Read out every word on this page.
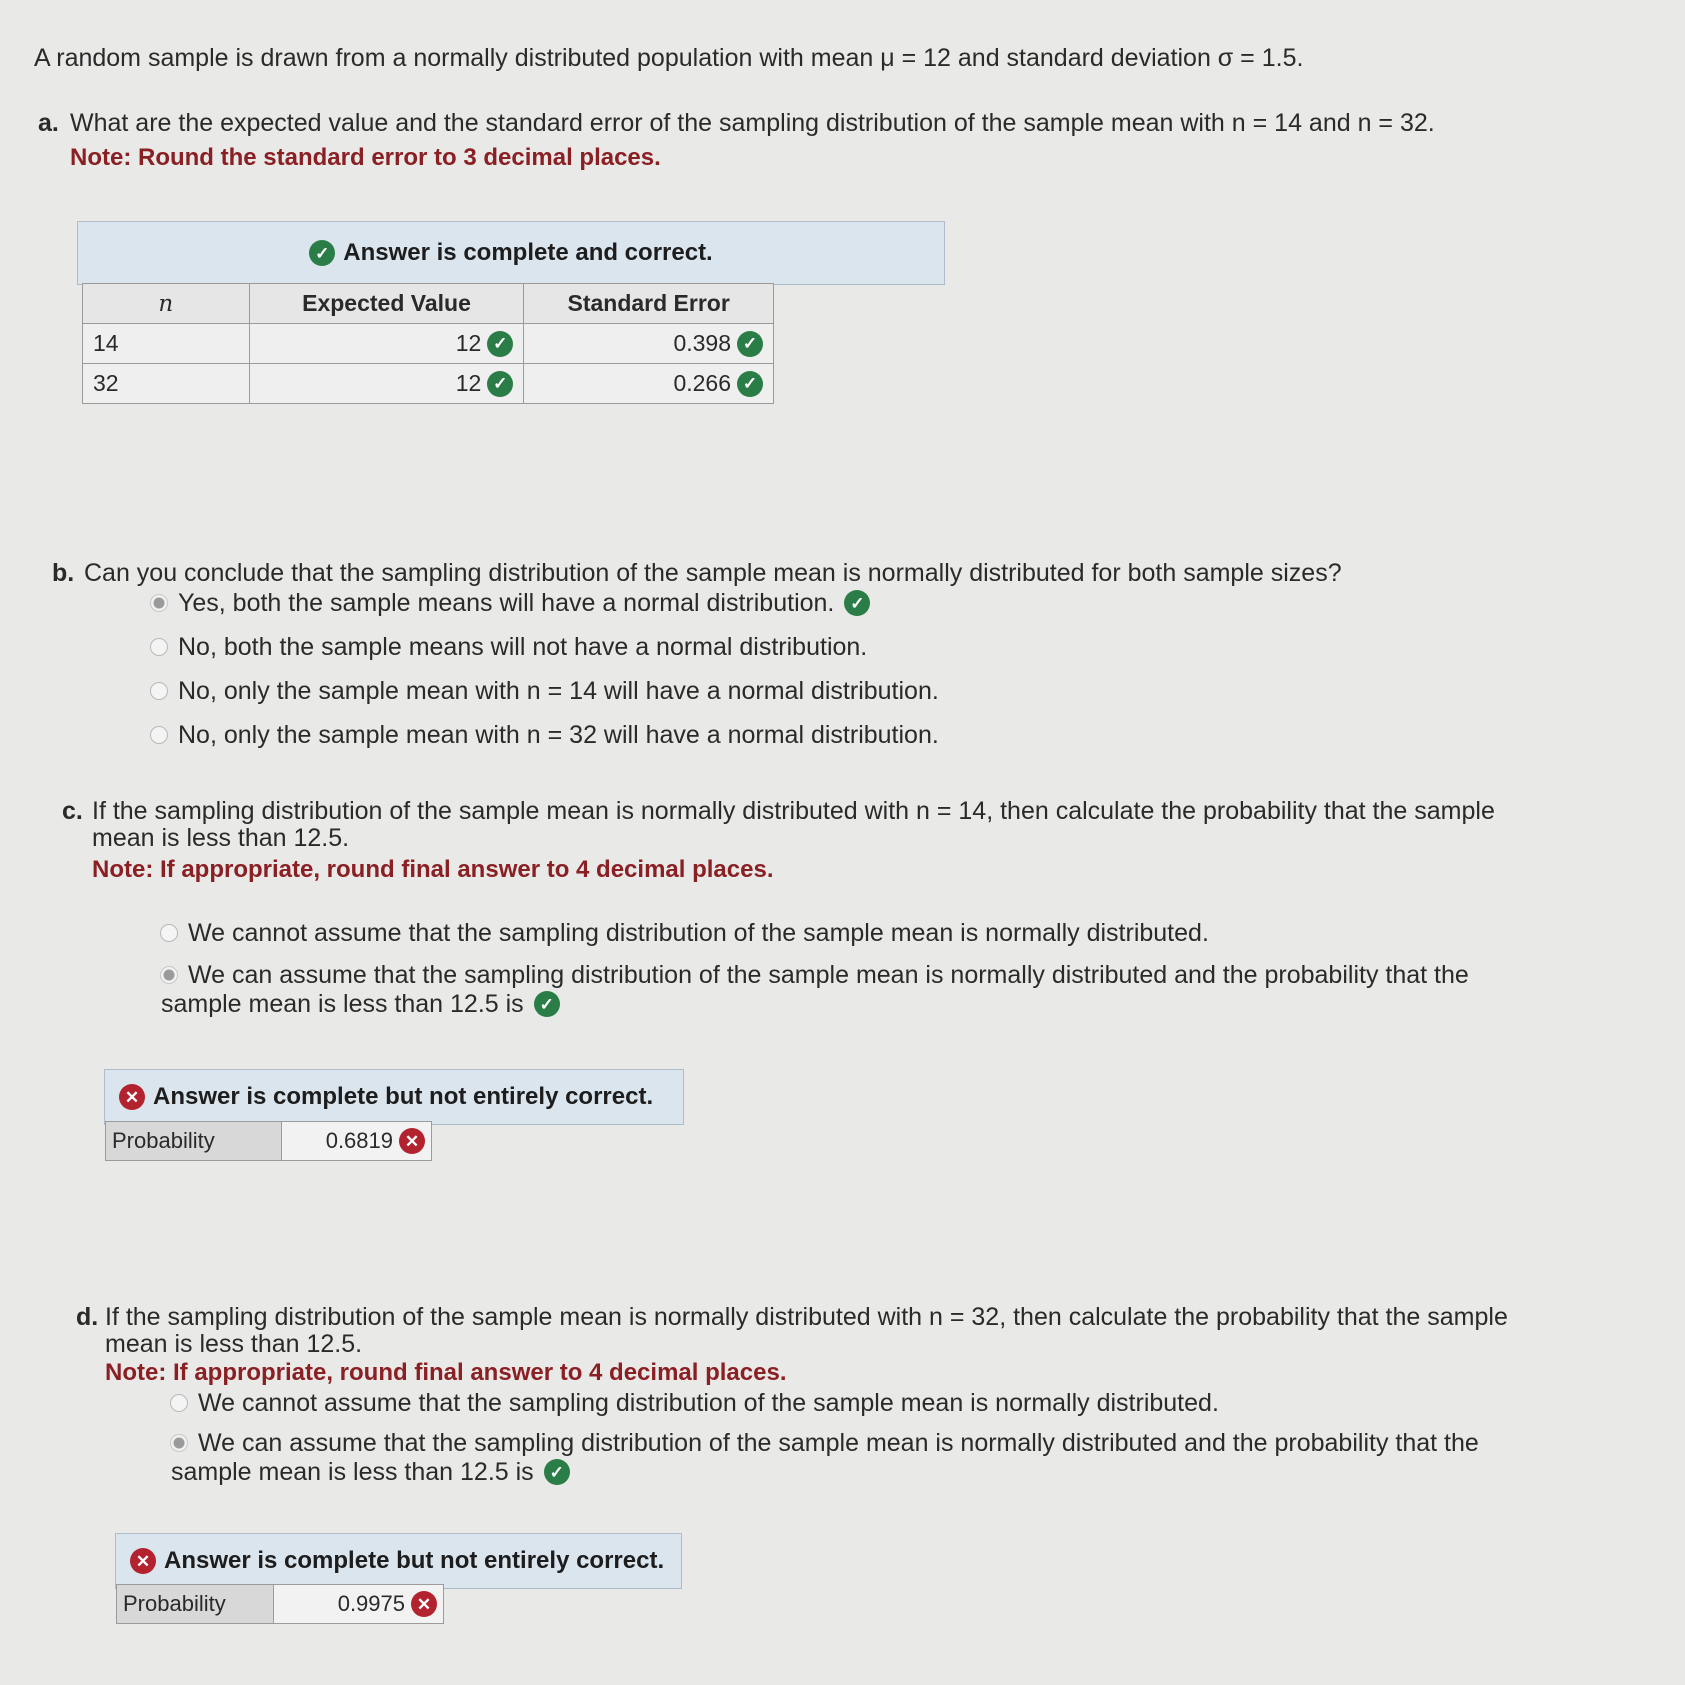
A random sample is drawn from a normally distributed population with mean μ = 12 and standard deviation σ = 1.5.
a. What are the expected value and the standard error of the sampling distribution of the sample mean with n = 14 and n = 32.
Note: Round the standard error to 3 decimal places.
✓ Answer is complete and correct.
n	Expected Value	Standard Error
14	12 ✓	0.398 ✓

32	12 ✓	0.266 ✓
b. Can you conclude that the sampling distribution of the sample mean is normally distributed for both sample sizes?
Yes, both the sample means will have a normal distribution. ✓
No, both the sample means will not have a normal distribution.
No, only the sample mean with n = 14 will have a normal distribution.
No, only the sample mean with n = 32 will have a normal distribution.
c. If the sampling distribution of the sample mean is normally distributed with n = 14, then calculate the probability that the sample
mean is less than 12.5.
Note: If appropriate, round final answer to 4 decimal places.
We cannot assume that the sampling distribution of the sample mean is normally distributed.
We can assume that the sampling distribution of the sample mean is normally distributed and the probability that the
sample mean is less than 12.5 is ✓
✕ Answer is complete but not entirely correct.
Probability	0.6819 ✕
d. If the sampling distribution of the sample mean is normally distributed with n = 32, then calculate the probability that the sample
mean is less than 12.5.
Note: If appropriate, round final answer to 4 decimal places.
We cannot assume that the sampling distribution of the sample mean is normally distributed.
We can assume that the sampling distribution of the sample mean is normally distributed and the probability that the
sample mean is less than 12.5 is ✓
✕ Answer is complete but not entirely correct.
Probability	0.9975 ✕
